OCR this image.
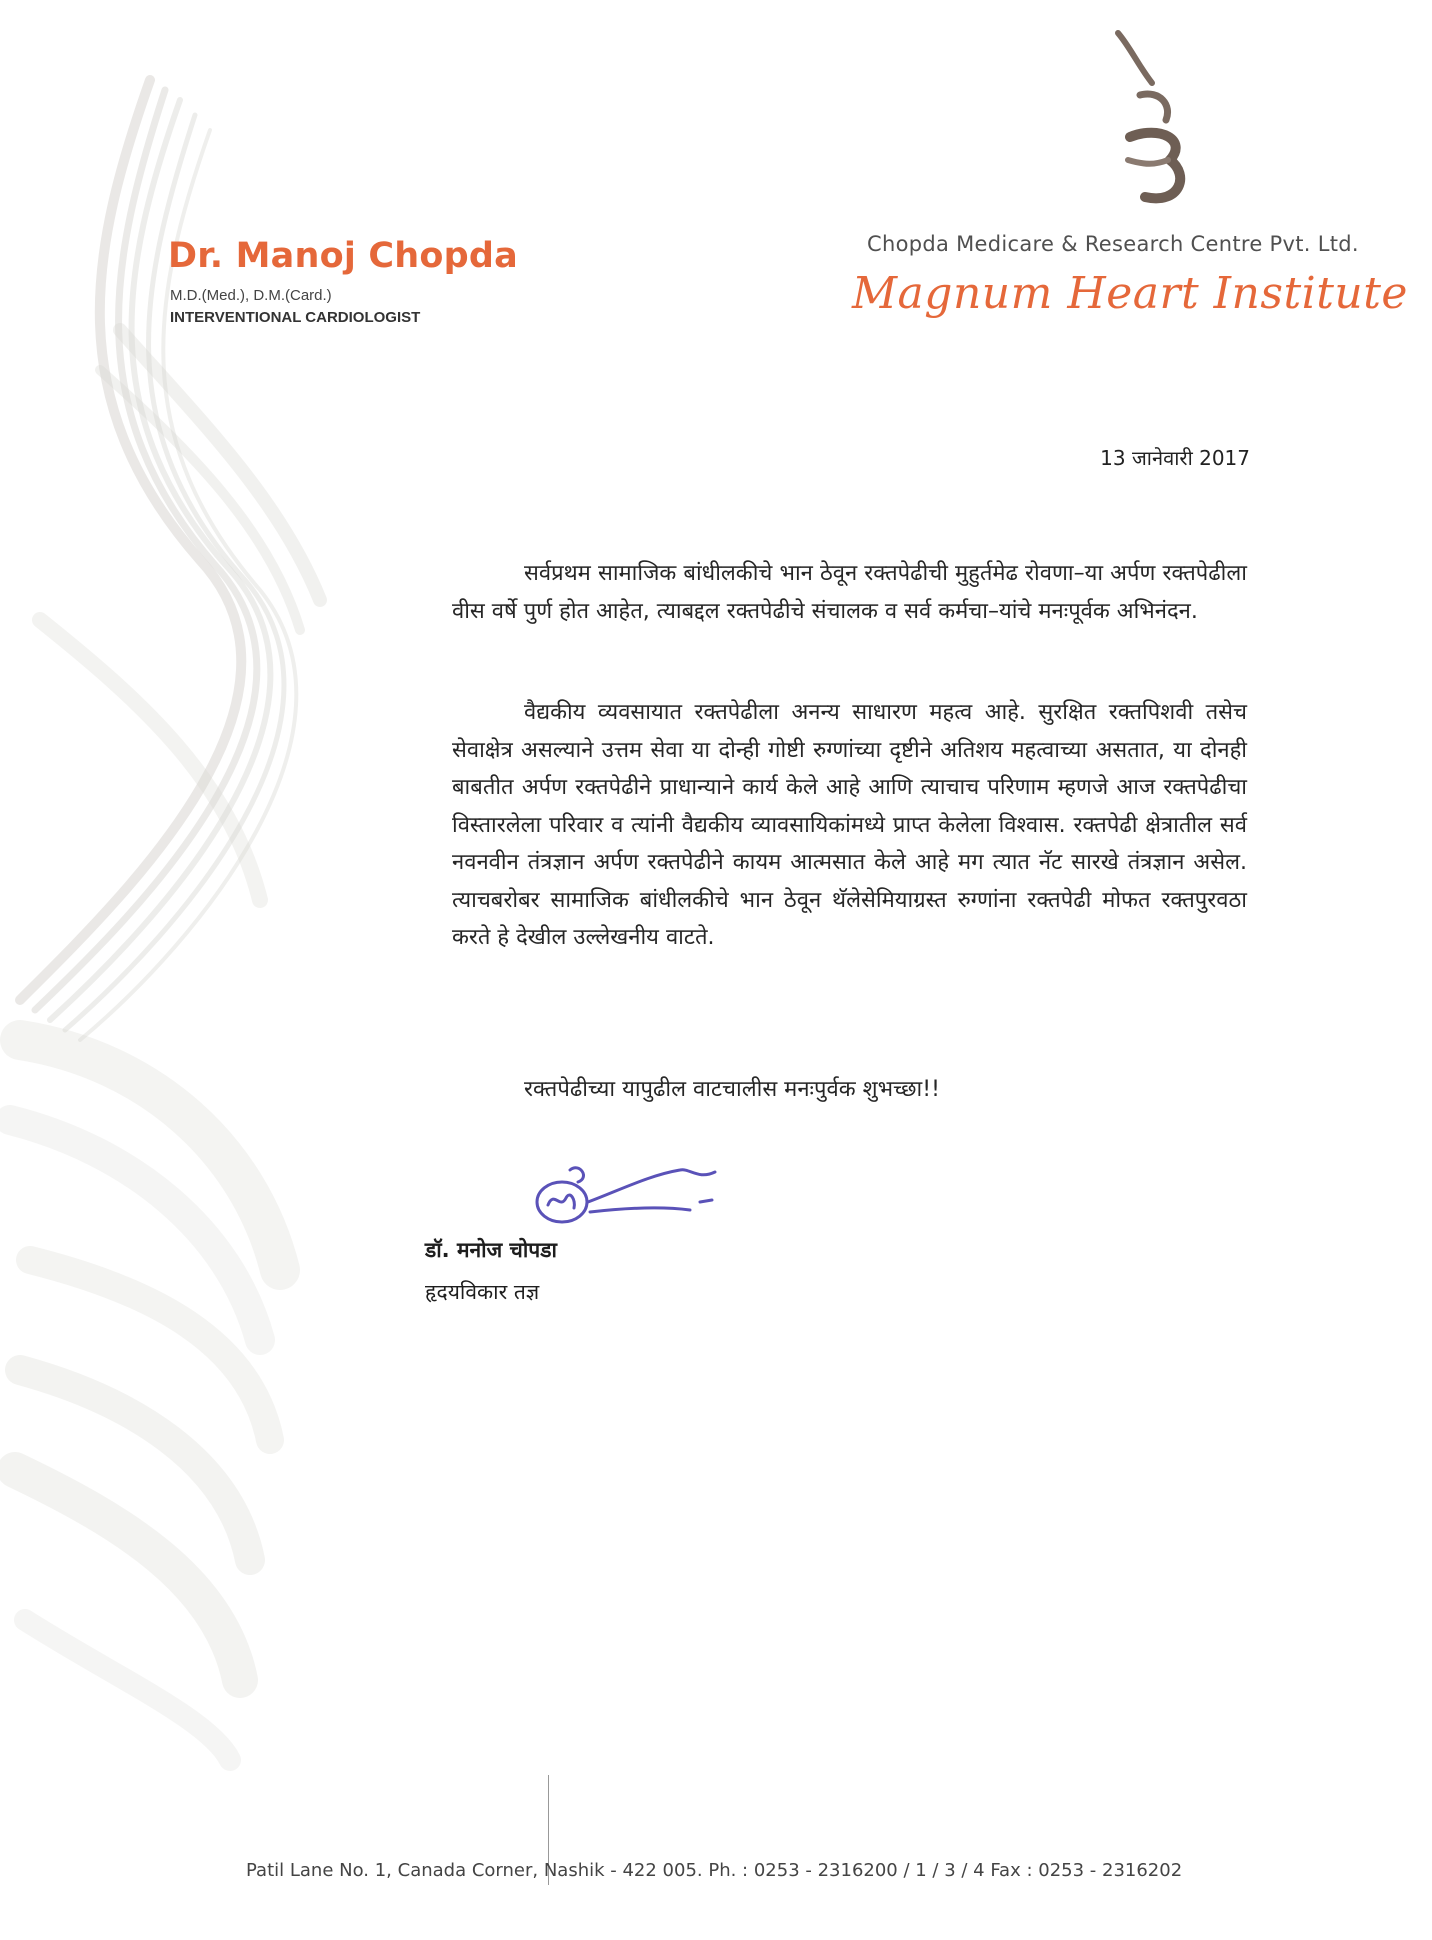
Dr. Manoj Chopda
M.D.(Med.), D.M.(Card.)
INTERVENTIONAL CARDIOLOGIST
Chopda Medicare & Research Centre Pvt. Ltd.
Magnum Heart Institute
13 जानेवारी 2017

सर्वप्रथम सामाजिक बांधीलकीचे भान ठेवून रक्तपेढीची मुहुर्तमेढ रोवणा–या अर्पण रक्तपेढीला वीस वर्षे पुर्ण होत आहेत, त्याबद्दल रक्तपेढीचे संचालक व सर्व कर्मचा–यांचे मनःपूर्वक अभिनंदन.

वैद्यकीय व्यवसायात रक्तपेढीला अनन्य साधारण महत्व आहे. सुरक्षित रक्तपिशवी तसेच सेवाक्षेत्र असल्याने उत्तम सेवा या दोन्ही गोष्टी रुग्णांच्या दृष्टीने अतिशय महत्वाच्या असतात, या दोनही बाबतीत अर्पण रक्तपेढीने प्राधान्याने कार्य केले आहे आणि त्याचाच परिणाम म्हणजे आज रक्तपेढीचा विस्तारलेला परिवार व त्यांनी वैद्यकीय व्यावसायिकांमध्ये प्राप्त केलेला विश्वास. रक्तपेढी क्षेत्रातील सर्व नवनवीन तंत्रज्ञान अर्पण रक्तपेढीने कायम आत्मसात केले आहे मग त्यात नॅट सारखे तंत्रज्ञान असेल. त्याचबरोबर सामाजिक बांधीलकीचे भान ठेवून थॅलेसेमियाग्रस्त रुग्णांना रक्तपेढी मोफत रक्तपुरवठा करते हे देखील उल्लेखनीय वाटते.

रक्तपेढीच्या यापुढील वाटचालीस मनःपुर्वक शुभच्छा!!

डॉ. मनोज चोपडा
हृदयविकार तज्ञ
Patil Lane No. 1, Canada Corner, Nashik - 422 005. Ph. : 0253 - 2316200 / 1 / 3 / 4 Fax : 0253 - 2316202
